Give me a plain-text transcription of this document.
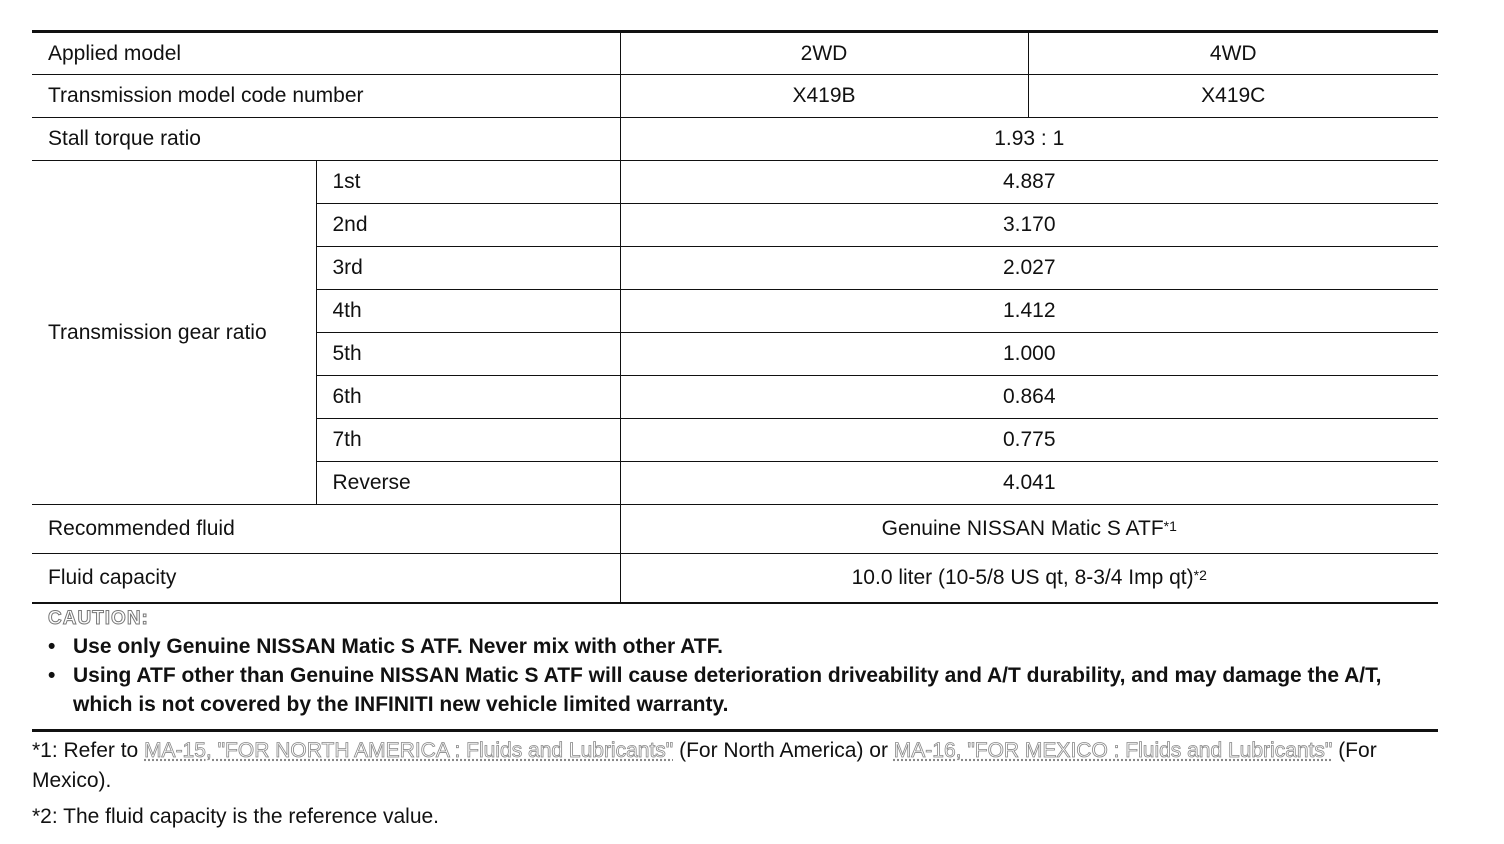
Applied model		2WD	4WD
Transmission model code number		X419B	X419C
Stall torque ratio		1.93 : 1	
Transmission gear ratio	1st	4.887	
	2nd	3.170	
	3rd	2.027	
	4th	1.412	
	5th	1.000	
	6th	0.864	
	7th	0.775	
	Reverse	4.041	
Recommended fluid		Genuine NISSAN Matic S ATF$^{*1}$
Fluid capacity		10.0 liter (10-5/8 US qt, 8-3/4 Imp qt)$^{*2}$
CAUTION:
• Use only Genuine NISSAN Matic S ATF. Never mix with other ATF.
• Using ATF other than Genuine NISSAN Matic S ATF will cause deterioration driveability and A/T durability, and may damage the A/T, which is not covered by the INFINITI new vehicle limited warranty.
*1: Refer to MA-15, "FOR NORTH AMERICA : Fluids and Lubricants" (For North America) or MA-16, "FOR MEXICO : Fluids and Lubricants" (For Mexico).
*2: The fluid capacity is the reference value.
